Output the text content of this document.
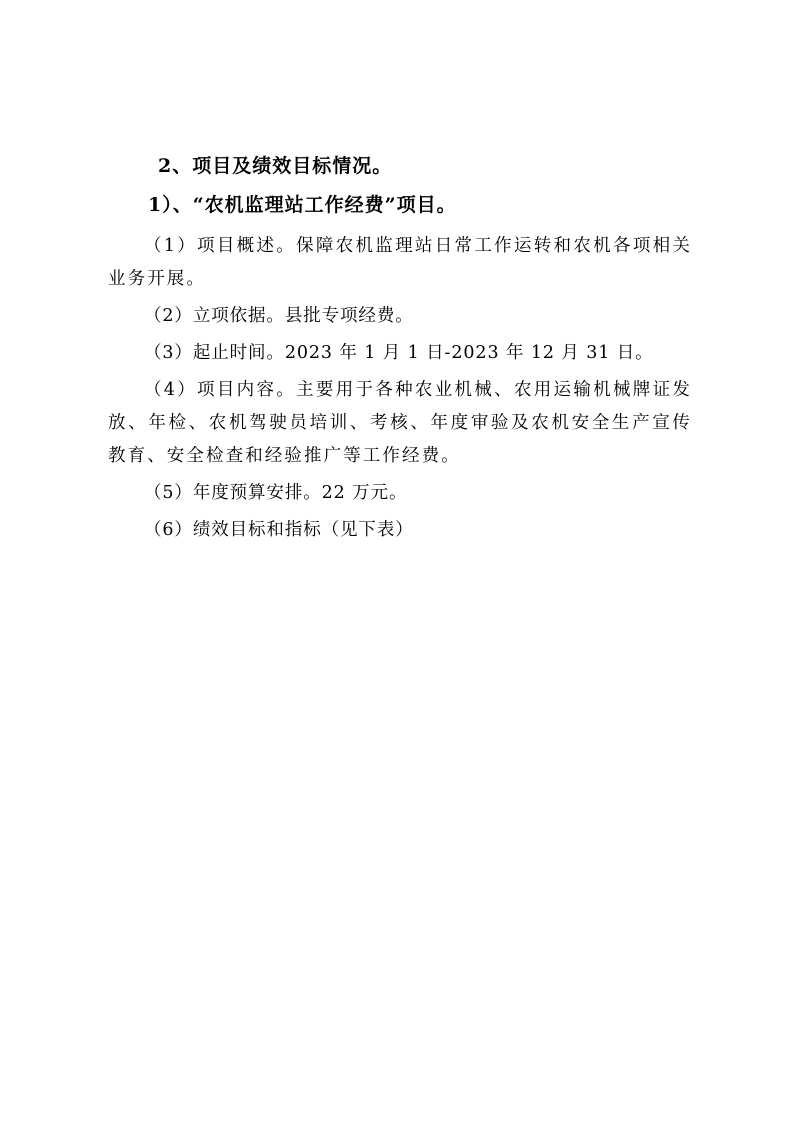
2、项目及绩效目标情况。
1）、“农机监理站工作经费”项目。

（1）项目概述。保障农机监理站日常工作运转和农机各项相关业务开展。

（2）立项依据。县批专项经费。

（3）起止时间。2023 年 1 月 1 日-2023 年 12 月 31 日。

（4）项目内容。主要用于各种农业机械、农用运输机械牌证发放、年检、农机驾驶员培训、考核、年度审验及农机安全生产宣传教育、安全检查和经验推广等工作经费。

（5）年度预算安排。22 万元。

（6）绩效目标和指标（见下表）
